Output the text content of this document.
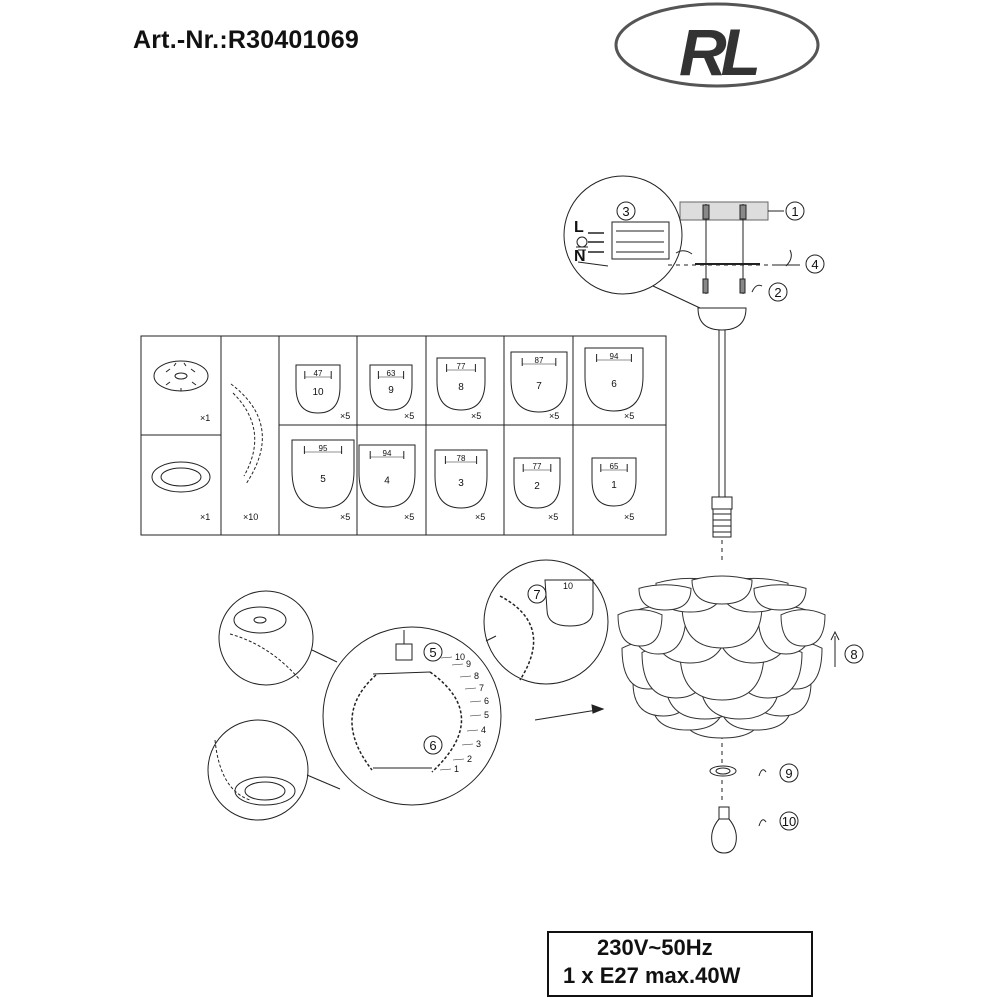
Art.-Nr.:R30401069	RL
L
N
1
2
3
4
5
6
7
8
9
10
×1
×1	×10
47
10
×5
63
9
×5
77
8
×5
87
7
×5
94
6
×5
95
5
×5
94
4
×5
78
3
×5
77
2
×5
65
1
×5
10
10
9
8
7
6
5
4
3
2
1
230V~50Hz
1 x E27 max.40W
